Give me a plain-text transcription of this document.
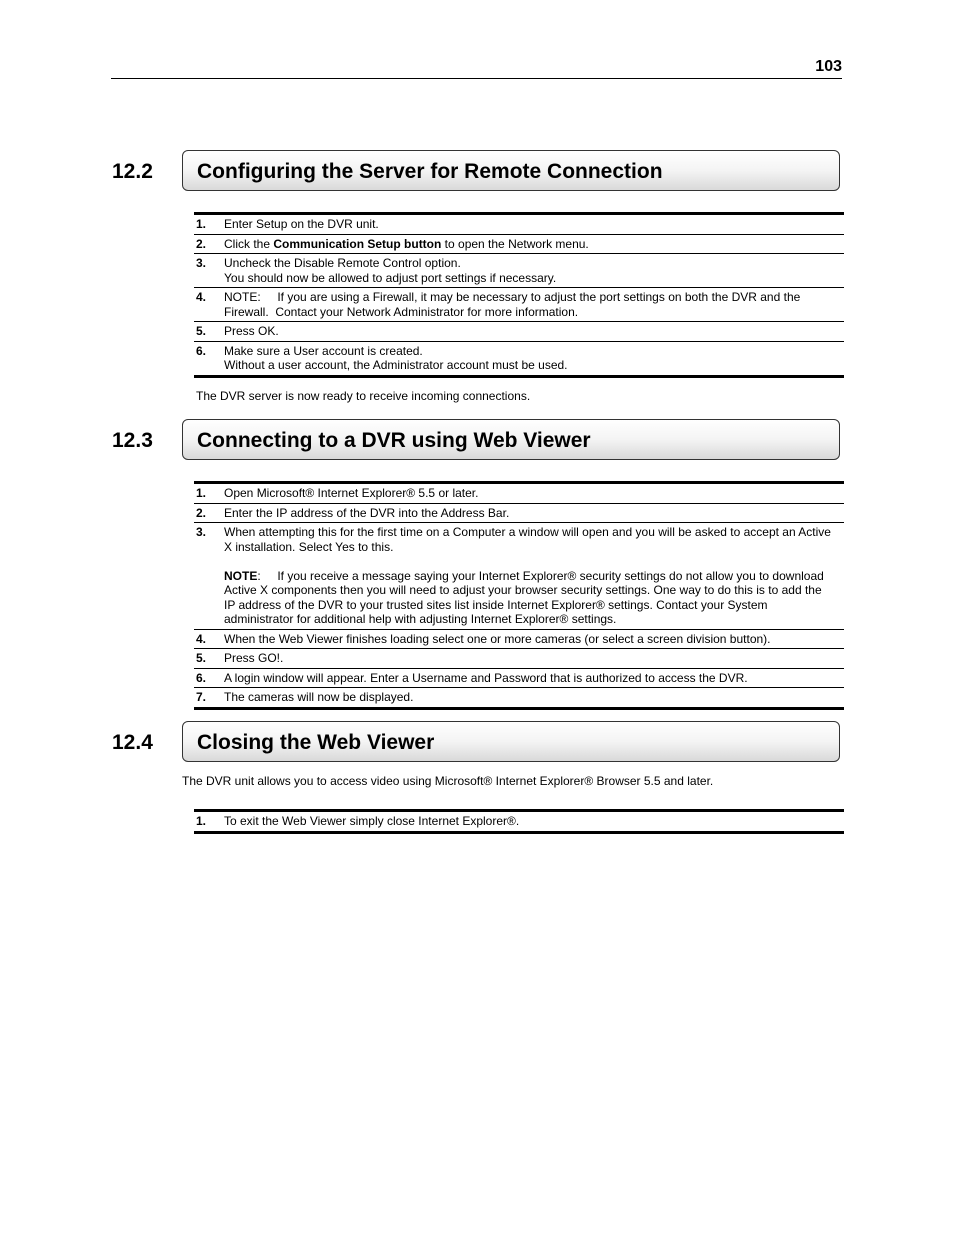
103
12.2 Configuring the Server for Remote Connection
1.	Enter Setup on the DVR unit.

2.	Click the Communication Setup button to open the Network menu.

3.	Uncheck the Disable Remote Control option.

You should now be allowed to adjust port settings if necessary.

4.	NOTE:     If you are using a Firewall, it may be necessary to adjust the port settings on both the DVR and the Firewall.  Contact your Network Administrator for more information.

5.	Press OK.

6.	Make sure a User account is created.

Without a user account, the Administrator account must be used.

The DVR server is now ready to receive incoming connections.
12.3 Connecting to a DVR using Web Viewer
1.	Open Microsoft® Internet Explorer® 5.5 or later.

2.	Enter the IP address of the DVR into the Address Bar.

3.	When attempting this for the first time on a Computer a window will open and you will be asked to accept an Active X installation. Select Yes to this.

NOTE:     If you receive a message saying your Internet Explorer® security settings do not allow you to download Active X components then you will need to adjust your browser security settings. One way to do this is to add the IP address of the DVR to your trusted sites list inside Internet Explorer® settings. Contact your System administrator for additional help with adjusting Internet Explorer® settings.

4.	When the Web Viewer finishes loading select one or more cameras (or select a screen division button).

5.	Press GO!.

6.	A login window will appear. Enter a Username and Password that is authorized to access the DVR.

7.	The cameras will now be displayed.

12.4 Closing the Web Viewer
The DVR unit allows you to access video using Microsoft® Internet Explorer® Browser 5.5 and later.
1.	To exit the Web Viewer simply close Internet Explorer®.
